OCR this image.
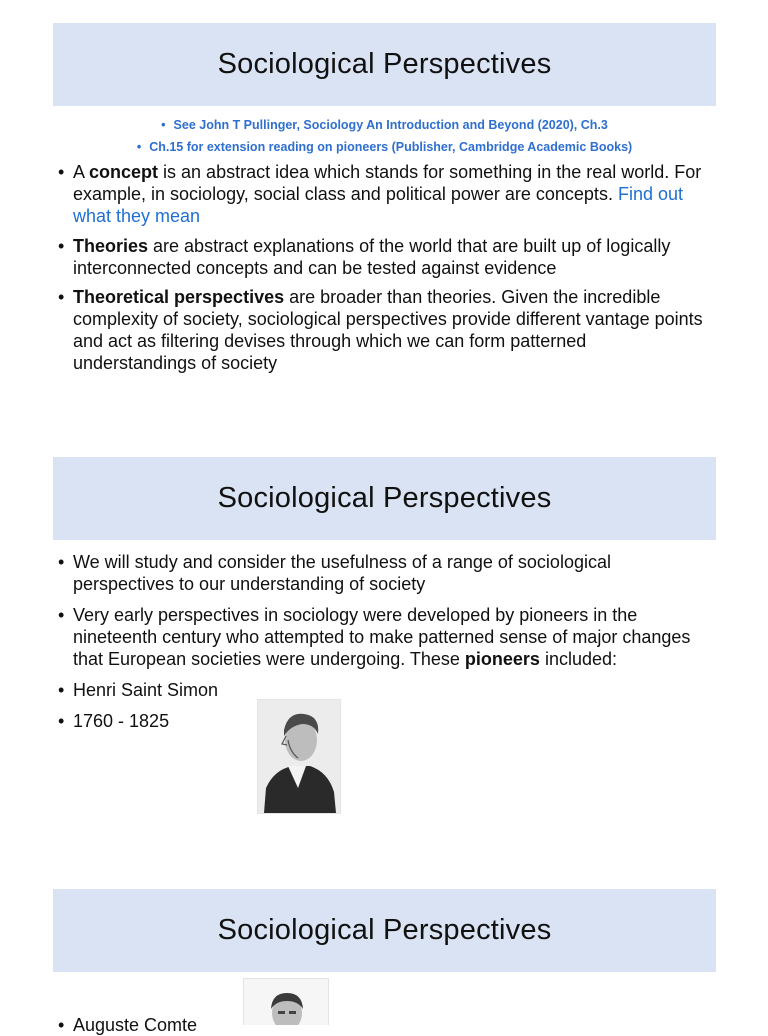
Sociological Perspectives
• See John T Pullinger, Sociology An Introduction and Beyond (2020), Ch.3
• Ch.15 for extension reading on pioneers (Publisher, Cambridge Academic Books)
• A concept is an abstract idea which stands for something in the real world. For example, in sociology, social class and political power are concepts. Find out what they mean
• Theories are abstract explanations of the world that are built up of logically interconnected concepts and can be tested against evidence
• Theoretical perspectives are broader than theories. Given the incredible complexity of society, sociological perspectives provide different vantage points and act as filtering devises through which we can form patterned understandings of society
Sociological Perspectives
• We will study and consider the usefulness of a range of sociological perspectives to our understanding of society
• Very early perspectives in sociology were developed by pioneers in the nineteenth century who attempted to make patterned sense of major changes that European societies were undergoing. These pioneers included:
• Henri Saint Simon
• 1760 - 1825
Sociological Perspectives
• Auguste Comte
